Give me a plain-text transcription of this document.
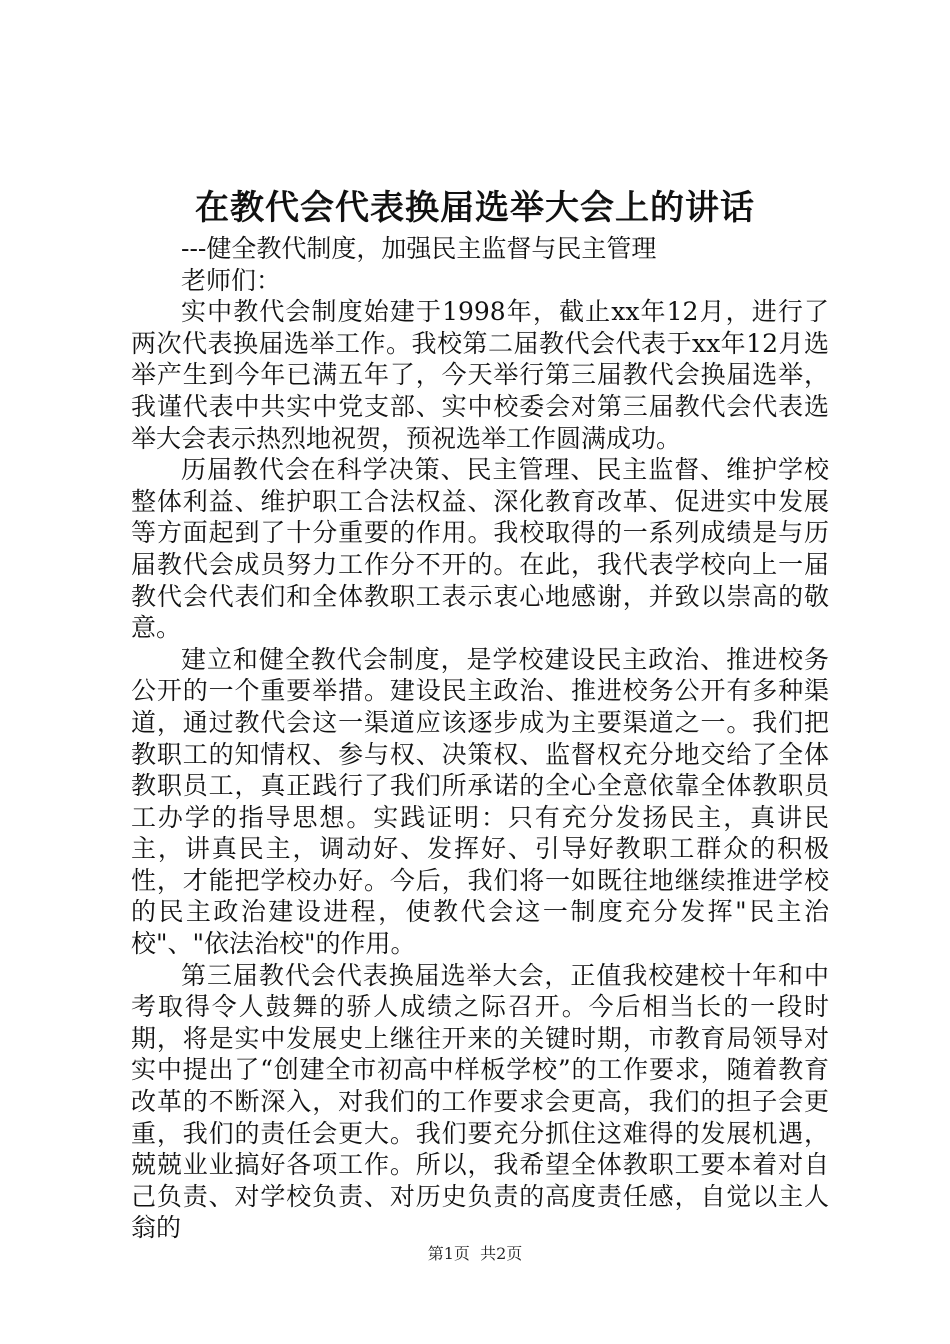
在教代会代表换届选举大会上的讲话

---健全教代制度，加强民主监督与民主管理

老师们：

实中教代会制度始建于1998年，截止xx年12月，进行了两次代表换届选举工作。我校第二届教代会代表于xx年12月选举产生到今年已满五年了，今天举行第三届教代会换届选举，我谨代表中共实中党支部、实中校委会对第三届教代会代表选举大会表示热烈地祝贺，预祝选举工作圆满成功。

历届教代会在科学决策、民主管理、民主监督、维护学校整体利益、维护职工合法权益、深化教育改革、促进实中发展等方面起到了十分重要的作用。我校取得的一系列成绩是与历届教代会成员努力工作分不开的。在此，我代表学校向上一届教代会代表们和全体教职工表示衷心地感谢，并致以崇高的敬意。

建立和健全教代会制度，是学校建设民主政治、推进校务公开的一个重要举措。建设民主政治、推进校务公开有多种渠道，通过教代会这一渠道应该逐步成为主要渠道之一。我们把教职工的知情权、参与权、决策权、监督权充分地交给了全体教职员工，真正践行了我们所承诺的全心全意依靠全体教职员工办学的指导思想。实践证明：只有充分发扬民主，真讲民主，讲真民主，调动好、发挥好、引导好教职工群众的积极性，才能把学校办好。今后，我们将一如既往地继续推进学校的民主政治建设进程，使教代会这一制度充分发挥"民主治校"、"依法治校"的作用。

第三届教代会代表换届选举大会，正值我校建校十年和中考取得令人鼓舞的骄人成绩之际召开。今后相当长的一段时期，将是实中发展史上继往开来的关键时期，市教育局领导对实中提出了“创建全市初高中样板学校”的工作要求，随着教育改革的不断深入，对我们的工作要求会更高，我们的担子会更重，我们的责任会更大。我们要充分抓住这难得的发展机遇，兢兢业业搞好各项工作。所以，我希望全体教职工要本着对自己负责、对学校负责、对历史负责的高度责任感，自觉以主人翁的

第1页 共2页
